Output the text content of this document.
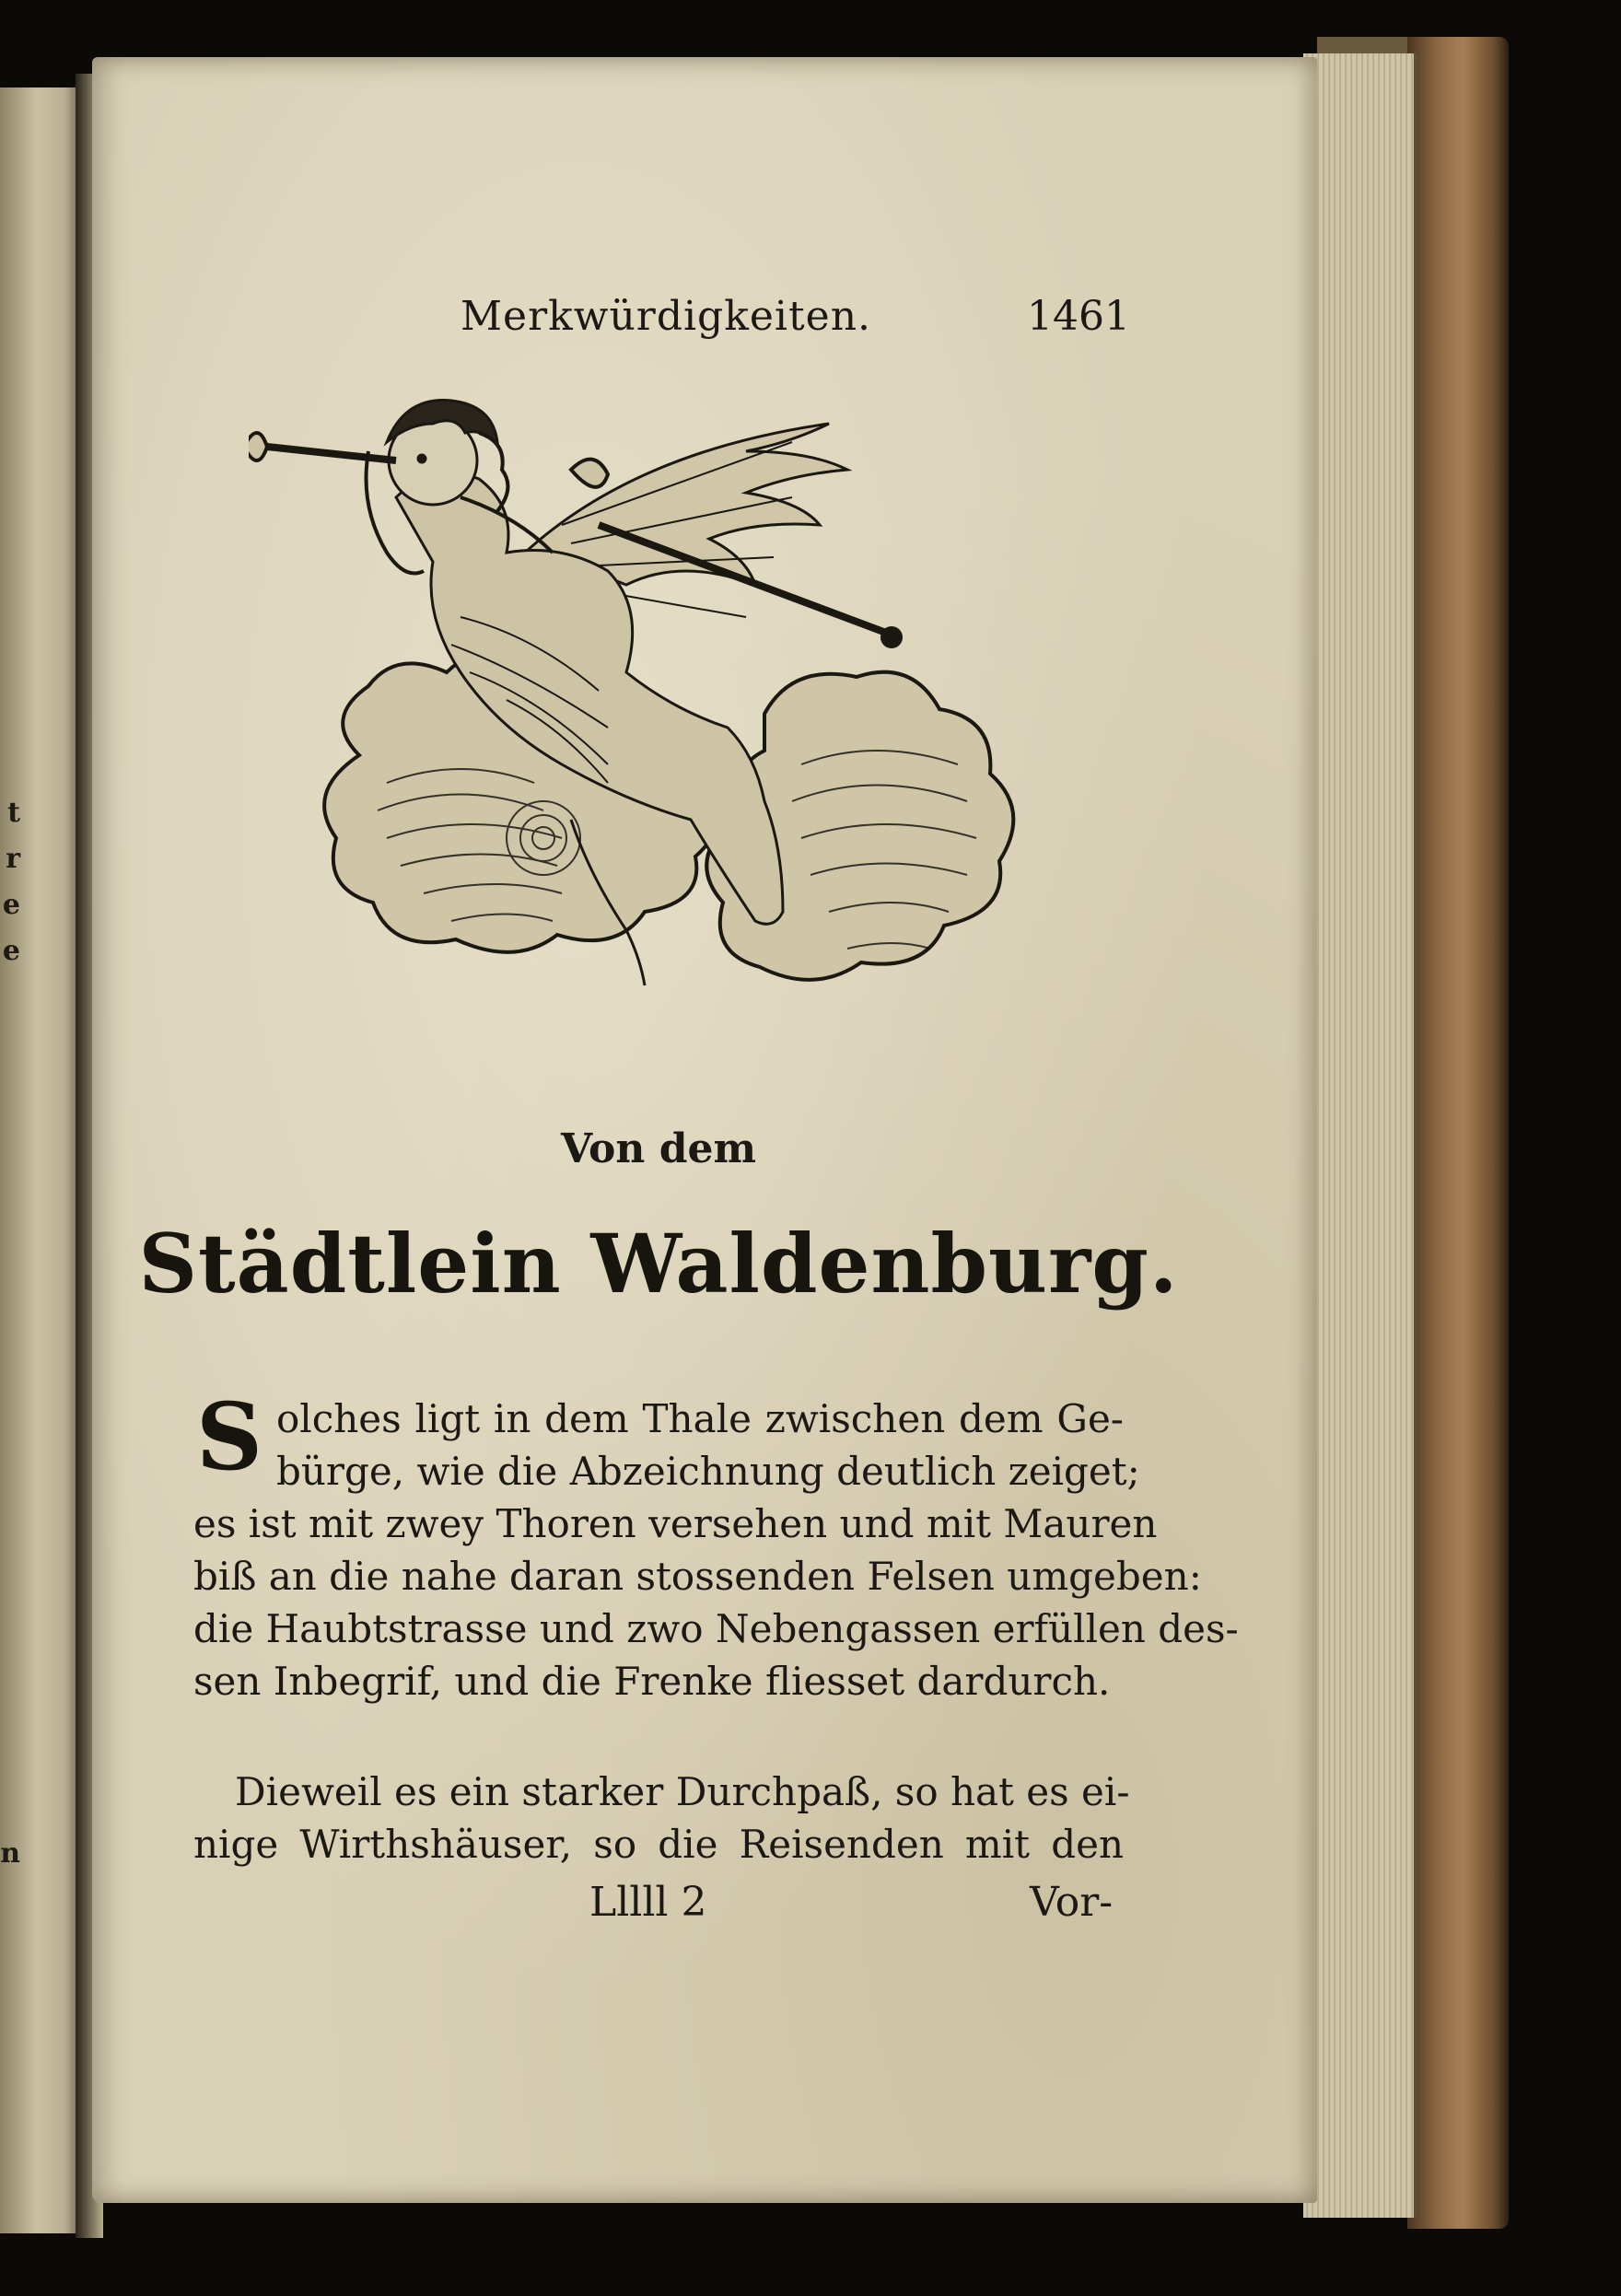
t
r
e
e
n
Merkwürdigkeiten.	1461
Von dem
Städtlein Waldenburg.
S olches ligt in dem Thale zwischen dem Ge-
bürge, wie die Abzeichnung deutlich zeiget;
es ist mit zwey Thoren versehen und mit Mauren
biß an die nahe daran stossenden Felsen umgeben:
die Haubtstrasse und zwo Nebengassen erfüllen des-
sen Inbegrif, und die Frenke fliesset dardurch.
Dieweil es ein starker Durchpaß, so hat es ei-
nige Wirthshäuser, so die Reisenden mit den
Lllll 2	Vor-
